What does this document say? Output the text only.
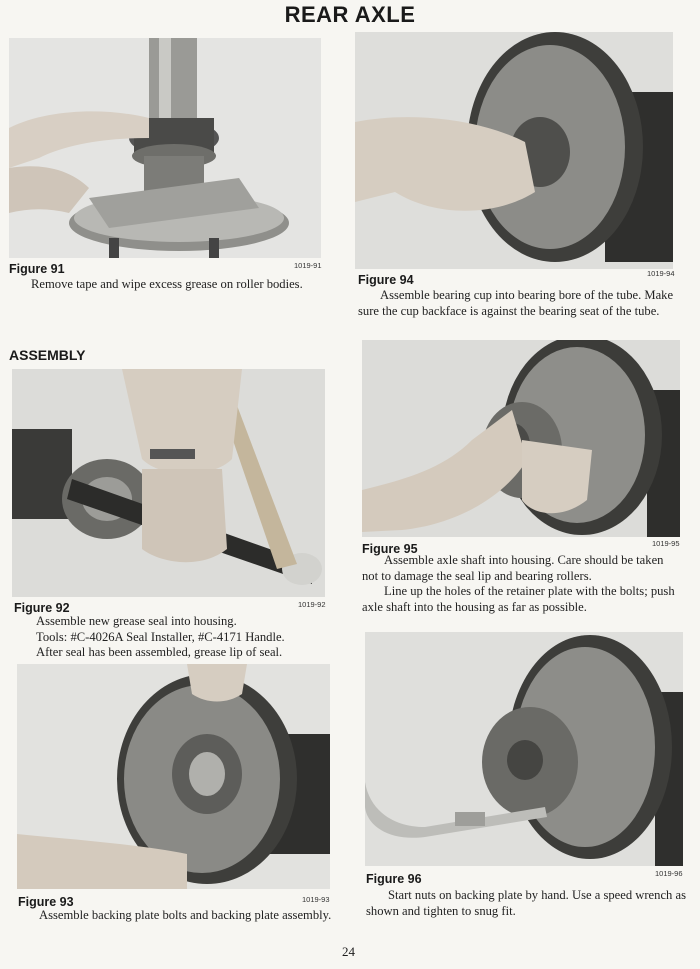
REAR AXLE
Figure 91	1019-91

Remove tape and wipe excess grease on roller bodies.

ASSEMBLY
Figure 92	1019-92

Assemble new grease seal into housing.

Tools: #C-4026A Seal Installer, #C-4171 Handle.

After seal has been assembled, grease lip of seal.

Figure 93	1019-93

Assemble backing plate bolts and backing plate assembly.

Figure 94	1019-94

Assemble bearing cup into bearing bore of the tube. Make sure the cup backface is against the bearing seat of the tube.

Figure 95	1019-95

Assemble axle shaft into housing. Care should be taken not to damage the seal lip and bearing rollers.

Line up the holes of the retainer plate with the bolts; push axle shaft into the housing as far as possible.

Figure 96	1019-96

Start nuts on backing plate by hand. Use a speed wrench as shown and tighten to snug fit.

24
